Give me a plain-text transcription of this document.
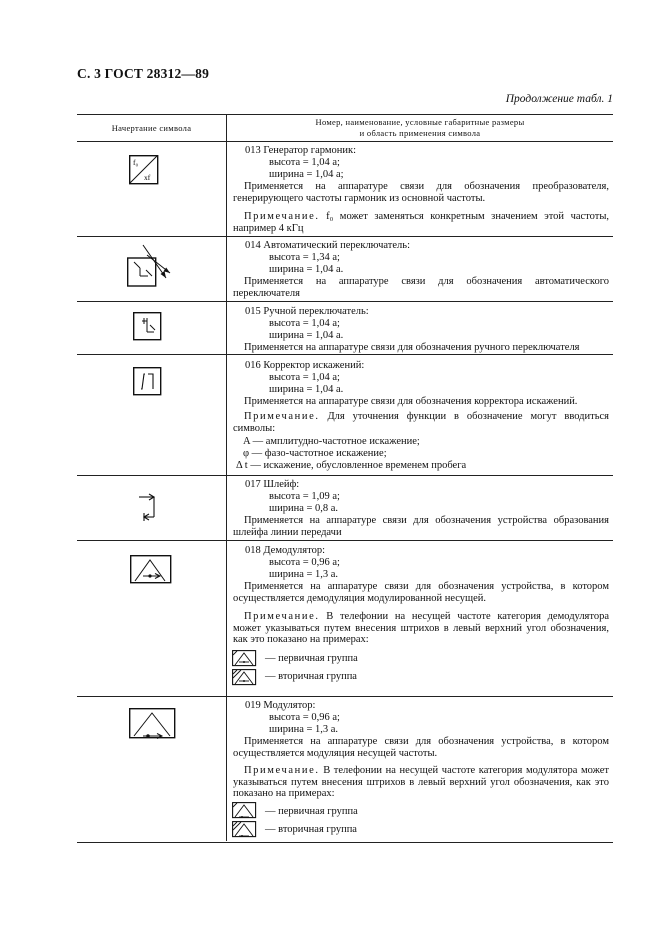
С. 3 ГОСТ 28312—89
Продолжение табл. 1
Начертание символа
Номер, наименование, условные габаритные размеры
и область применения символа
f₀
xf
013 Генератор гармоник:
высота = 1,04 a;
ширина = 1,04 a;
Применяется на аппаратуре связи для обозначения преобразователя, генерирующего частоты гармоник из основной частоты.
Примечание. f₀ может заменяться конкретным значением этой частоты, например 4 кГц
014 Автоматический переключатель:
высота = 1,34 a;
ширина = 1,04 a.
Применяется на аппаратуре связи для обозначения автоматического переключателя
015 Ручной переключатель:
высота = 1,04 a;
ширина = 1,04 a.
Применяется на аппаратуре связи для обозначения ручного переключателя
016 Корректор искажений:
высота = 1,04 a;
ширина = 1,04 a.
Применяется на аппаратуре связи для обозначения корректора искажений.
Примечание. Для уточнения функции в обозначение могут вводиться символы:
A — амплитудно-частотное искажение;
φ — фазо-частотное искажение;
Δ t — искажение, обусловленное временем пробега
017 Шлейф:
высота = 1,09 a;
ширина = 0,8 a.
Применяется на аппаратуре связи для обозначения устройства образования шлейфа линии передачи
018 Демодулятор:
высота = 0,96 a;
ширина = 1,3 a.
Применяется на аппаратуре связи для обозначения устройства, в котором осуществляется демодуляция модулированной несущей.
Примечание. В телефонии на несущей частоте категория демодулятора может указываться путем внесения штрихов в левый верхний угол обозначения, как это показано на примерах:
— первичная группа
— вторичная группа
019 Модулятор:
высота = 0,96 a;
ширина = 1,3 a.
Применяется на аппаратуре связи для обозначения устройства, в котором осуществляется модуляция несущей частоты.
Примечание. В телефонии на несущей частоте категория модулятора может указываться путем внесения штрихов в левый верхний угол обозначения, как это показано на примерах:
— первичная группа
— вторичная группа
